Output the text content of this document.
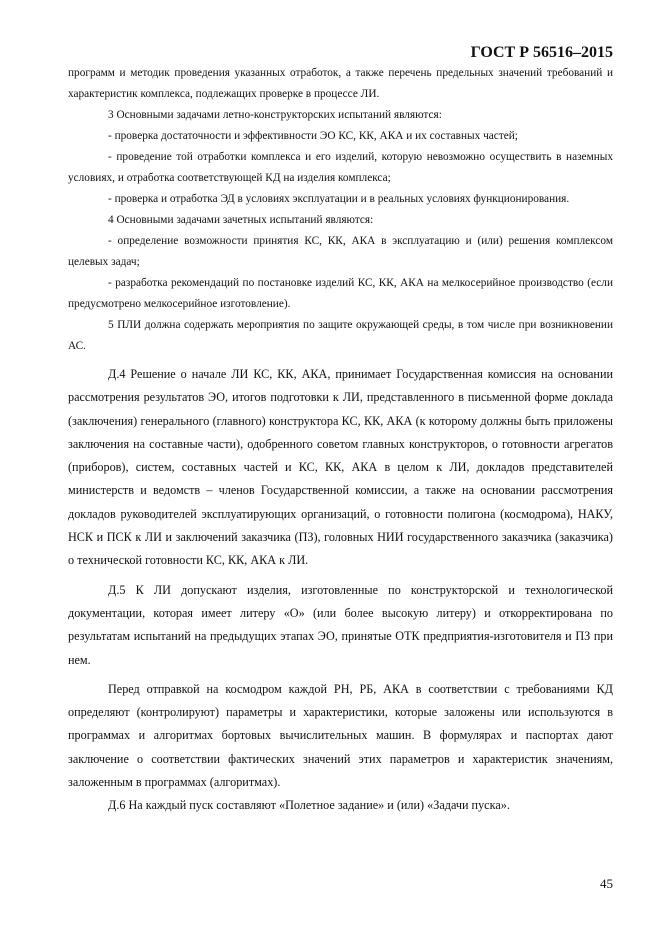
ГОСТ Р 56516–2015

программ и методик проведения указанных отработок, а также перечень предельных значений требований и характеристик комплекса, подлежащих проверке в процессе ЛИ.

3 Основными задачами летно-конструкторских испытаний являются:

- проверка достаточности и эффективности ЭО КС, КК, АКА и их составных частей;

- проведение той отработки комплекса и его изделий, которую невозможно осуществить в наземных условиях, и отработка соответствующей КД на изделия комплекса;

- проверка и отработка ЭД в условиях эксплуатации и в реальных условиях функционирования.

4 Основными задачами зачетных испытаний являются:

- определение возможности принятия КС, КК, АКА в эксплуатацию и (или) решения комплексом целевых задач;

- разработка рекомендаций по постановке изделий КС, КК, АКА на мелкосерийное производство (если предусмотрено мелкосерийное изготовление).

5 ПЛИ должна содержать мероприятия по защите окружающей среды, в том числе при возникновении АС.

Д.4 Решение о начале ЛИ КС, КК, АКА, принимает Государственная комиссия на основании рассмотрения результатов ЭО, итогов подготовки к ЛИ, представленного в письменной форме доклада (заключения) генерального (главного) конструктора КС, КК, АКА (к которому должны быть приложены заключения на составные части), одобренного советом главных конструкторов, о готовности агрегатов (приборов), систем, составных частей и КС, КК, АКА в целом к ЛИ, докладов представителей министерств и ведомств – членов Государственной комиссии, а также на основании рассмотрения докладов руководителей эксплуатирующих организаций, о готовности полигона (космодрома), НАКУ, НСК и ПСК к ЛИ и заключений заказчика (ПЗ), головных НИИ государственного заказчика (заказчика) о технической готовности КС, КК, АКА к ЛИ.

Д.5 К ЛИ допускают изделия, изготовленные по конструкторской и технологической документации, которая имеет литеру «О» (или более высокую литеру) и откорректирована по результатам испытаний на предыдущих этапах ЭО, принятые ОТК предприятия-изготовителя и ПЗ при нем.

Перед отправкой на космодром каждой РН, РБ, АКА в соответствии с требованиями КД определяют (контролируют) параметры и характеристики, которые заложены или используются в программах и алгоритмах бортовых вычислительных машин. В формулярах и паспортах дают заключение о соответствии фактических значений этих параметров и характеристик значениям, заложенным в программах (алгоритмах).

Д.6 На каждый пуск составляют «Полетное задание» и (или) «Задачи пуска».

45
